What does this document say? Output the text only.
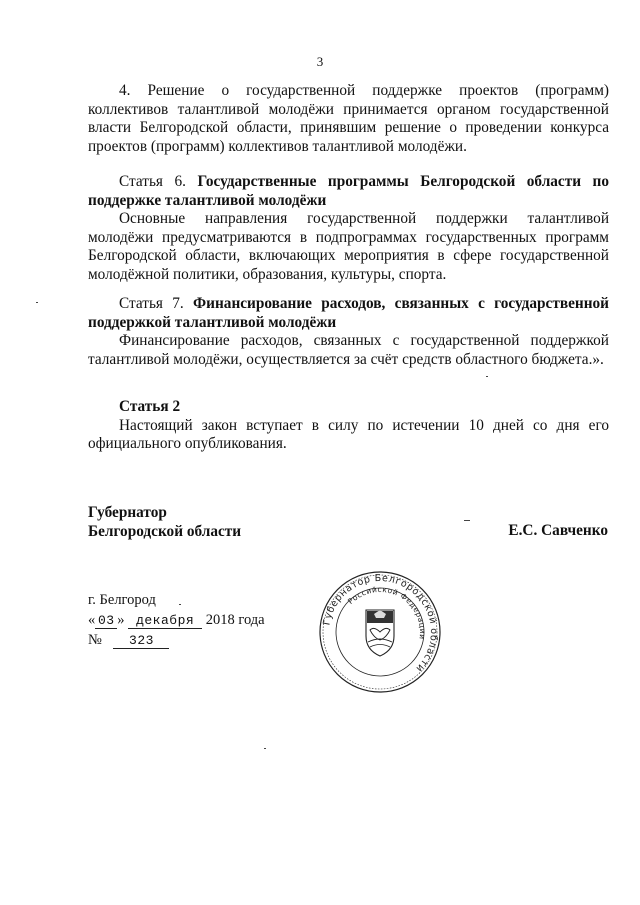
3

4. Решение о государственной поддержке проектов (программ) коллективов талантливой молодёжи принимается органом государственной власти Белгородской области, принявшим решение о проведении конкурса проектов (программ) коллективов талантливой молодёжи.

Статья 6. Государственные программы Белгородской области по поддержке талантливой молодёжи

Основные направления государственной поддержки талантливой молодёжи предусматриваются в подпрограммах государственных программ Белгородской области, включающих мероприятия в сфере государственной молодёжной политики, образования, культуры, спорта.

Статья 7. Финансирование расходов, связанных с государственной поддержкой талантливой молодёжи

Финансирование расходов, связанных с государственной поддержкой талантливой молодёжи, осуществляется за счёт средств областного бюджета.».

Статья 2

Настоящий закон вступает в силу по истечении 10 дней со дня его официального опубликования.

Губернатор
Белгородской области	Е.С. Савченко
г. Белгород
« 03 » декабря 2018 года
№ 323
Губернатор Белгородской области
Российской Федерации
